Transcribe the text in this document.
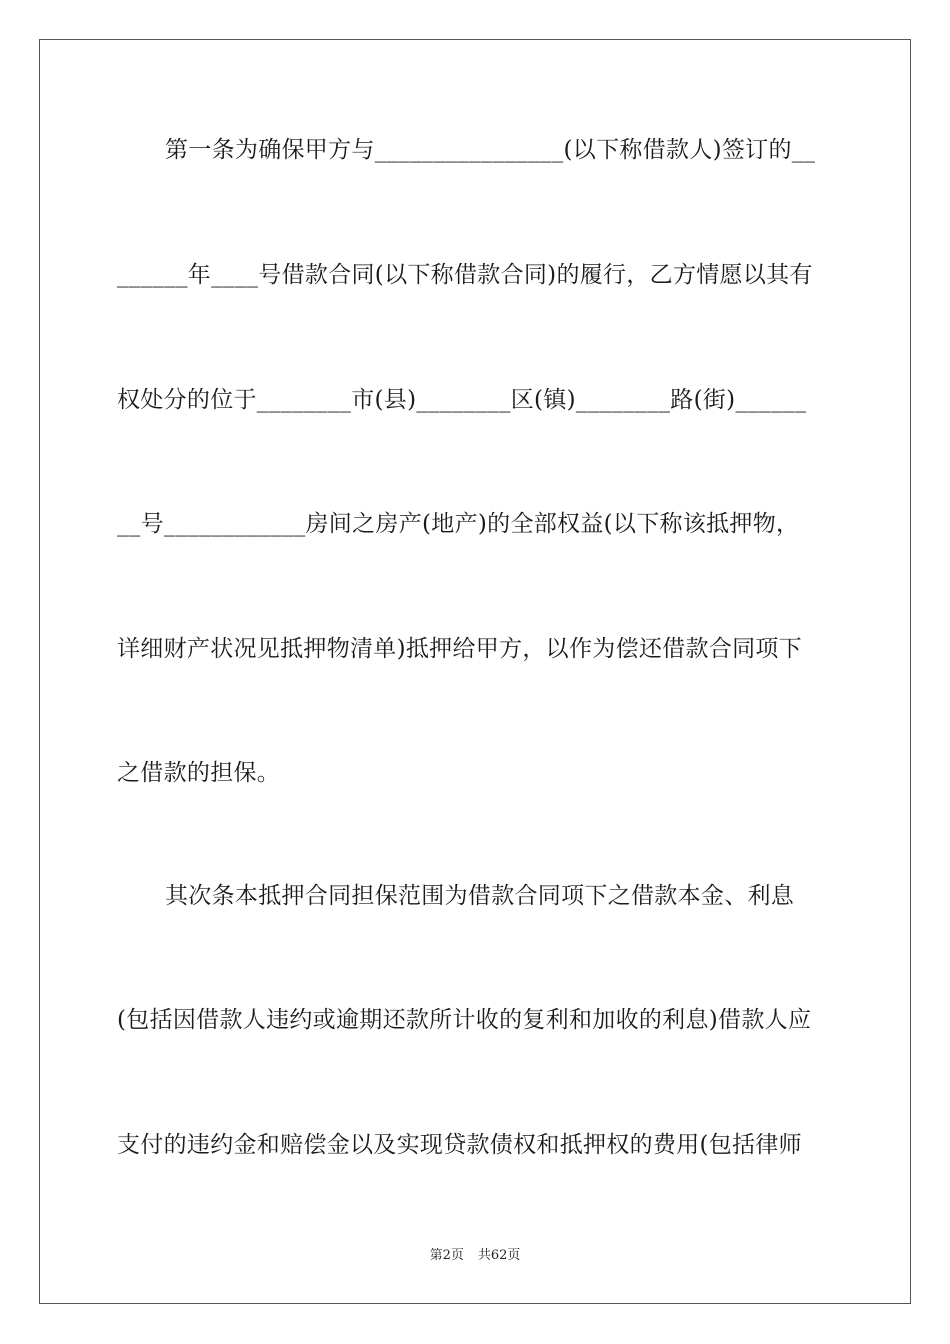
第一条为确保甲方与________________(以下称借款人)签订的__
______年____号借款合同(以下称借款合同)的履行，乙方情愿以其有
权处分的位于________市(县)________区(镇)________路(街)______
__号____________房间之房产(地产)的全部权益(以下称该抵押物，
详细财产状况见抵押物清单)抵押给甲方，以作为偿还借款合同项下
之借款的担保。
其次条本抵押合同担保范围为借款合同项下之借款本金、利息
(包括因借款人违约或逾期还款所计收的复利和加收的利息)借款人应
支付的违约金和赔偿金以及实现贷款债权和抵押权的费用(包括律师
第2页 共62页
